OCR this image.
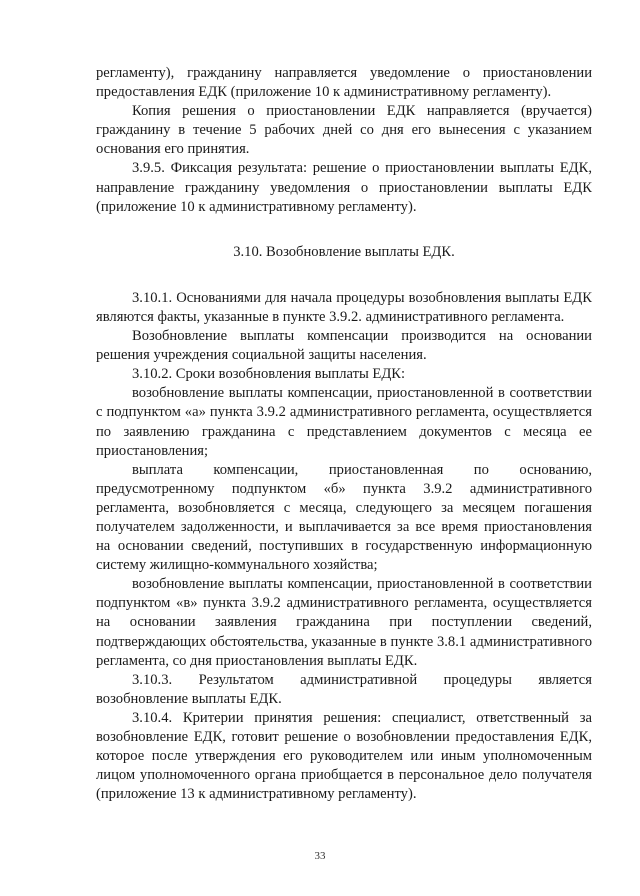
регламенту), гражданину направляется уведомление о приостановлении предоставления ЕДК (приложение 10 к административному регламенту).

Копия решения о приостановлении ЕДК направляется (вручается) гражданину в течение 5 рабочих дней со дня его вынесения с указанием основания его принятия.

3.9.5. Фиксация результата: решение о приостановлении выплаты ЕДК, направление гражданину уведомления о приостановлении выплаты ЕДК (приложение 10 к административному регламенту).

3.10. Возобновление выплаты ЕДК.

3.10.1. Основаниями для начала процедуры возобновления выплаты ЕДК являются факты, указанные в пункте 3.9.2. административного регламента.

Возобновление выплаты компенсации производится на основании решения учреждения социальной защиты населения.

3.10.2. Сроки возобновления выплаты ЕДК:

возобновление выплаты компенсации, приостановленной в соответствии с подпунктом «а» пункта 3.9.2 административного регламента, осуществляется по заявлению гражданина с представлением документов с месяца ее приостановления;

выплата компенсации, приостановленная по основанию, предусмотренному подпунктом «б» пункта 3.9.2 административного регламента, возобновляется с месяца, следующего за месяцем погашения получателем задолженности, и выплачивается за все время приостановления на основании сведений, поступивших в государственную информационную систему жилищно-коммунального хозяйства;

возобновление выплаты компенсации, приостановленной в соответствии подпунктом «в» пункта 3.9.2 административного регламента, осуществляется на основании заявления гражданина при поступлении сведений, подтверждающих обстоятельства, указанные в пункте 3.8.1 административного регламента, со дня приостановления выплаты ЕДК.

3.10.3. Результатом административной процедуры является возобновление выплаты ЕДК.

3.10.4. Критерии принятия решения: специалист, ответственный за возобновление ЕДК, готовит решение о возобновлении предоставления ЕДК, которое после утверждения его руководителем или иным уполномоченным лицом уполномоченного органа приобщается в персональное дело получателя (приложение 13 к административному регламенту).

33
